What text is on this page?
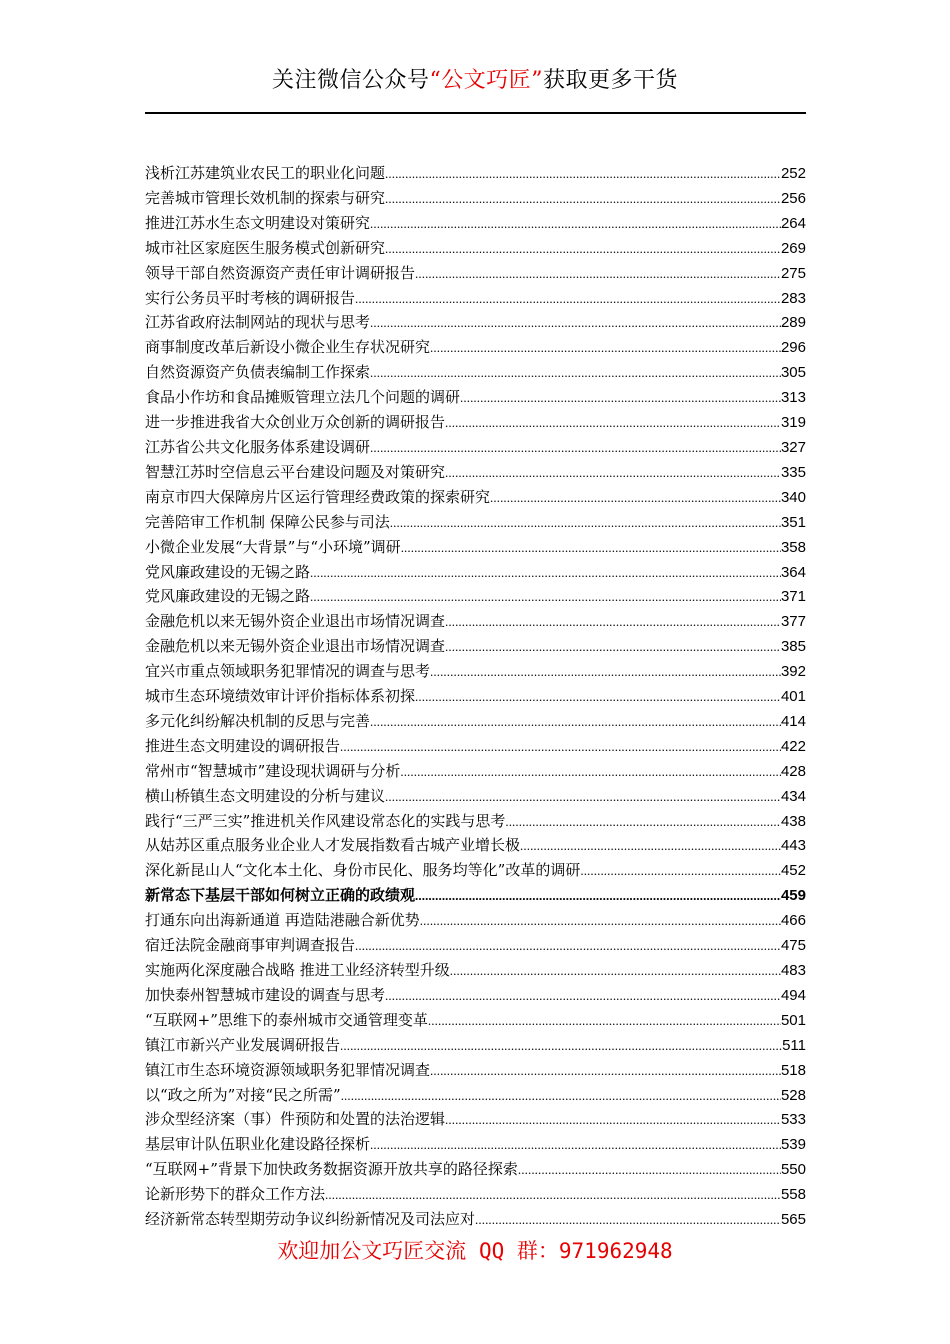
关注微信公众号“公文巧匠”获取更多干货
浅析江苏建筑业农民工的职业化问题 .....	252
完善城市管理长效机制的探索与研究 .....	256
推进江苏水生态文明建设对策研究 .....	264
城市社区家庭医生服务模式创新研究 .....	269
领导干部自然资源资产责任审计调研报告 .....	275
实行公务员平时考核的调研报告 .....	283
江苏省政府法制网站的现状与思考 .....	289
商事制度改革后新设小微企业生存状况研究 .....	296
自然资源资产负债表编制工作探索 .....	305
食品小作坊和食品摊贩管理立法几个问题的调研 .....	313
进一步推进我省大众创业万众创新的调研报告 .....	319
江苏省公共文化服务体系建设调研 .....	327
智慧江苏时空信息云平台建设问题及对策研究 .....	335
南京市四大保障房片区运行管理经费政策的探索研究 .....	340
完善陪审工作机制 保障公民参与司法 .....	351
小微企业发展“大背景”与“小环境”调研 .....	358
党风廉政建设的无锡之路 .....	364
党风廉政建设的无锡之路 .....	371
金融危机以来无锡外资企业退出市场情况调查 .....	377
金融危机以来无锡外资企业退出市场情况调查 .....	385
宜兴市重点领域职务犯罪情况的调查与思考 .....	392
城市生态环境绩效审计评价指标体系初探 .....	401
多元化纠纷解决机制的反思与完善 .....	414
推进生态文明建设的调研报告 .....	422
常州市“智慧城市”建设现状调研与分析 .....	428
横山桥镇生态文明建设的分析与建议 .....	434
践行“三严三实”推进机关作风建设常态化的实践与思考 .....	438
从姑苏区重点服务业企业人才发展指数看古城产业增长极 .....	443
深化新昆山人“文化本土化、身份市民化、服务均等化”改革的调研 .....	452
新常态下基层干部如何树立正确的政绩观 .....	459
打通东向出海新通道 再造陆港融合新优势 .....	466
宿迁法院金融商事审判调查报告 .....	475
实施两化深度融合战略 推进工业经济转型升级 .....	483
加快泰州智慧城市建设的调查与思考 .....	494
“互联网+”思维下的泰州城市交通管理变革 .....	501
镇江市新兴产业发展调研报告 .....	511
镇江市生态环境资源领域职务犯罪情况调查 .....	518
以“政之所为”对接“民之所需” .....	528
涉众型经济案（事）件预防和处置的法治逻辑 .....	533
基层审计队伍职业化建设路径探析 .....	539
“互联网+”背景下加快政务数据资源开放共享的路径探索 .....	550
论新形势下的群众工作方法 .....	558
经济新常态转型期劳动争议纠纷新情况及司法应对 .....	565
欢迎加公文巧匠交流 QQ 群：971962948
